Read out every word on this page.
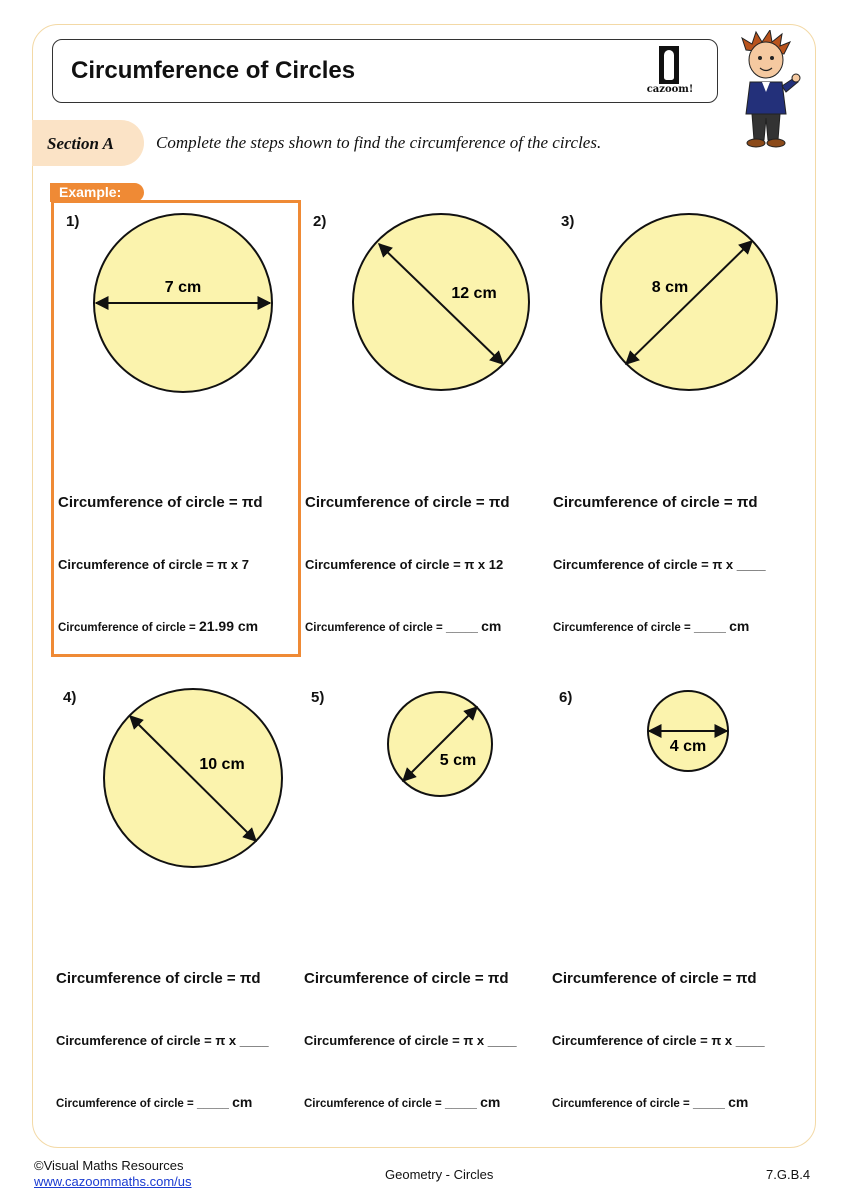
Circumference of Circles
cazoom!
Section A Complete the steps shown to find the circumference of the circles.
Example:
7 cm	12 cm	8 cm
10 cm	5 cm
4 cm
1)	2)	3)
4)	5)	6)
Circumference of circle = πd
Circumference of circle = π x 7
Circumference of circle = 21.99 cm
Circumference of circle = πd
Circumference of circle = π x 12
Circumference of circle = _____ cm
Circumference of circle = πd
Circumference of circle = π x ____
Circumference of circle = _____ cm
Circumference of circle = πd
Circumference of circle = π x ____
Circumference of circle = _____ cm
Circumference of circle = πd
Circumference of circle = π x ____
Circumference of circle = _____ cm
Circumference of circle = πd
Circumference of circle = π x ____
Circumference of circle = _____ cm
©Visual Maths Resources
www.cazoommaths.com/us	Geometry - Circles	7.G.B.4
